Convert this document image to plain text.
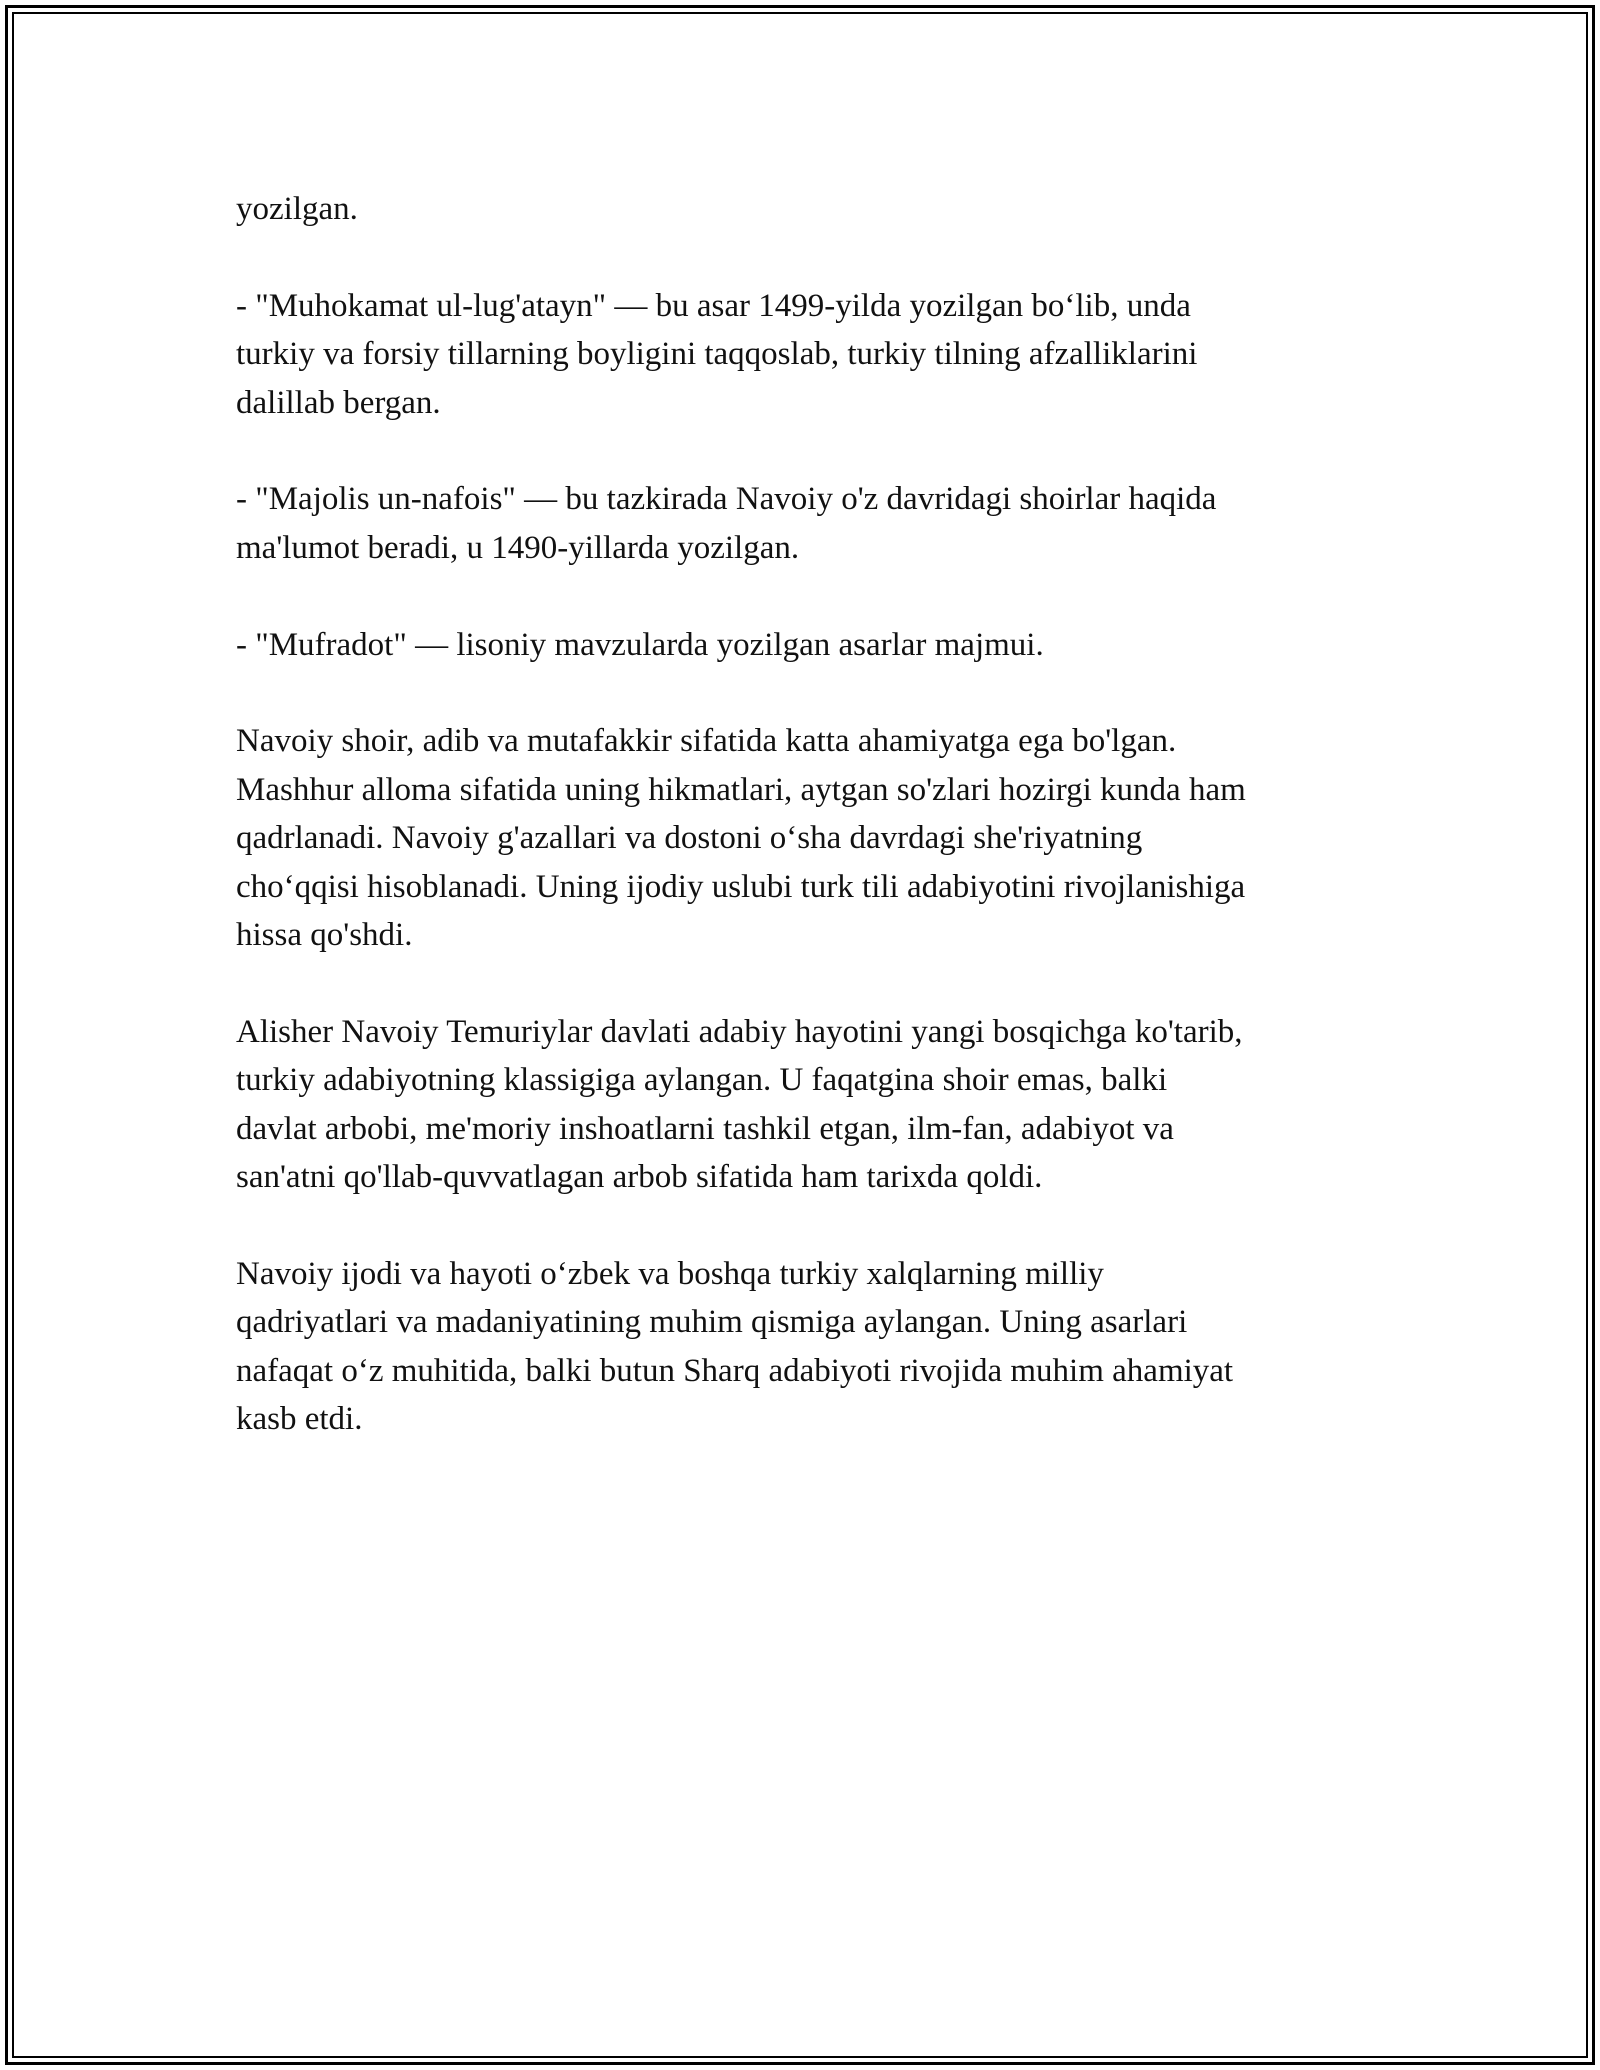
yozilgan.

- "Muhokamat ul-lug'atayn" — bu asar 1499-yilda yozilgan bo‘lib, unda
turkiy va forsiy tillarning boyligini taqqoslab, turkiy tilning afzalliklarini
dalillab bergan.

- "Majolis un-nafois" — bu tazkirada Navoiy o'z davridagi shoirlar haqida
ma'lumot beradi, u 1490-yillarda yozilgan.

- "Mufradot" — lisoniy mavzularda yozilgan asarlar majmui.

Navoiy shoir, adib va mutafakkir sifatida katta ahamiyatga ega bo'lgan.
Mashhur alloma sifatida uning hikmatlari, aytgan so'zlari hozirgi kunda ham
qadrlanadi. Navoiy g'azallari va dostoni o‘sha davrdagi she'riyatning
cho‘qqisi hisoblanadi. Uning ijodiy uslubi turk tili adabiyotini rivojlanishiga
hissa qo'shdi.

Alisher Navoiy Temuriylar davlati adabiy hayotini yangi bosqichga ko'tarib,
turkiy adabiyotning klassigiga aylangan. U faqatgina shoir emas, balki
davlat arbobi, me'moriy inshoatlarni tashkil etgan, ilm-fan, adabiyot va
san'atni qo'llab-quvvatlagan arbob sifatida ham tarixda qoldi.

Navoiy ijodi va hayoti o‘zbek va boshqa turkiy xalqlarning milliy
qadriyatlari va madaniyatining muhim qismiga aylangan. Uning asarlari
nafaqat o‘z muhitida, balki butun Sharq adabiyoti rivojida muhim ahamiyat
kasb etdi.
